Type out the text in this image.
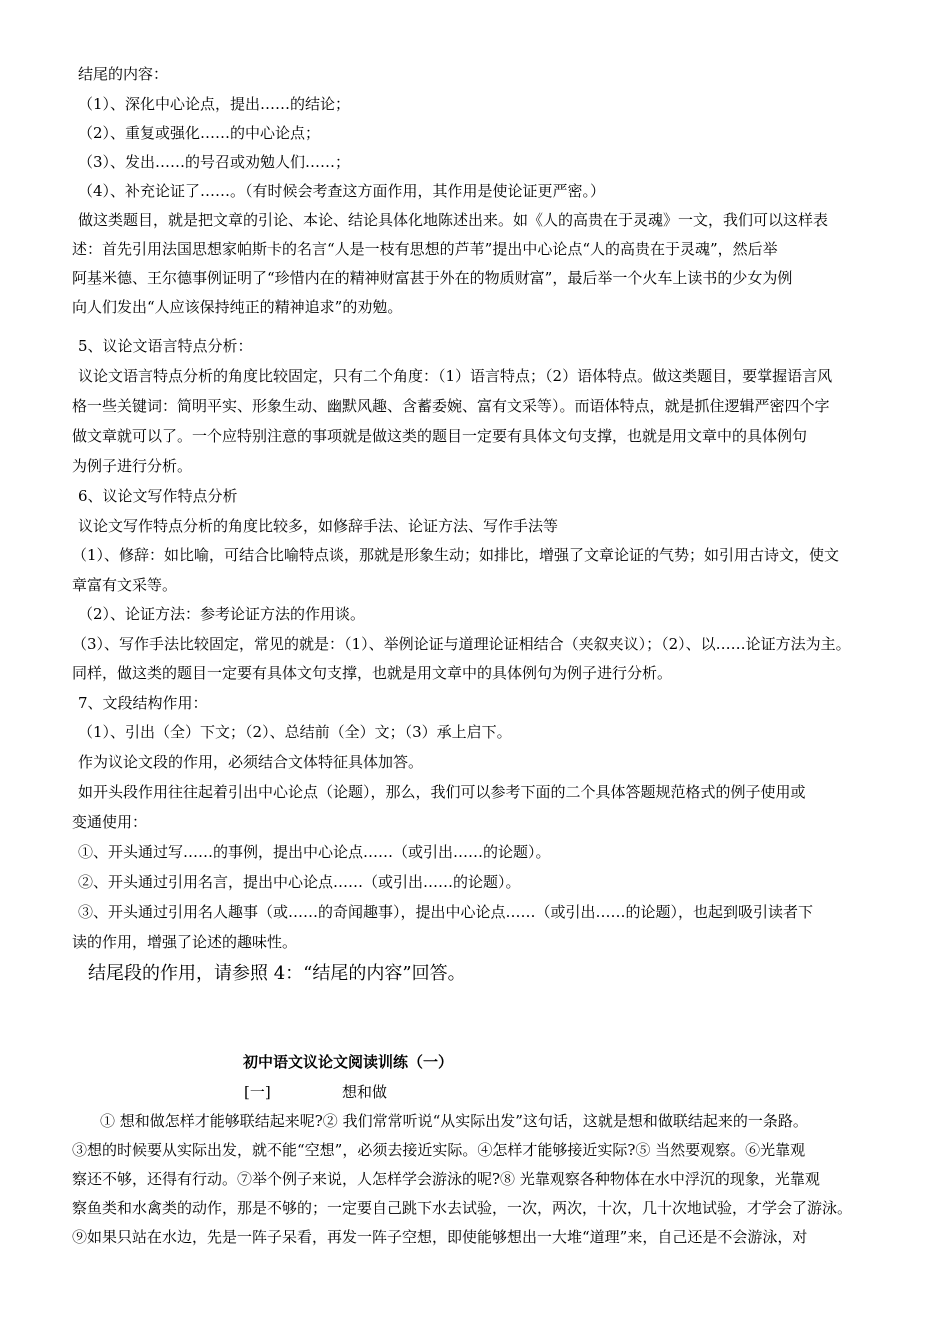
结尾的内容：
（1）、深化中心论点，提出……的结论；
（2）、重复或强化……的中心论点；
（3）、发出……的号召或劝勉人们……；
（4）、补充论证了……。（有时候会考查这方面作用，其作用是使论证更严密。）
做这类题目，就是把文章的引论、本论、结论具体化地陈述出来。如《人的高贵在于灵魂》一文，我们可以这样表
述：首先引用法国思想家帕斯卡的名言“人是一枝有思想的芦苇”提出中心论点“人的高贵在于灵魂”，然后举
阿基米德、王尔德事例证明了“珍惜内在的精神财富甚于外在的物质财富”，最后举一个火车上读书的少女为例
向人们发出“人应该保持纯正的精神追求”的劝勉。
5、议论文语言特点分析：
议论文语言特点分析的角度比较固定，只有二个角度：（1）语言特点；（2）语体特点。做这类题目，要掌握语言风
格一些关键词：简明平实、形象生动、幽默风趣、含蓄委婉、富有文采等）。而语体特点，就是抓住逻辑严密四个字
做文章就可以了。一个应特别注意的事项就是做这类的题目一定要有具体文句支撑，也就是用文章中的具体例句
为例子进行分析。
6、议论文写作特点分析
议论文写作特点分析的角度比较多，如修辞手法、论证方法、写作手法等
（1）、修辞：如比喻，可结合比喻特点谈，那就是形象生动；如排比，增强了文章论证的气势；如引用古诗文，使文
章富有文采等。
（2）、论证方法：参考论证方法的作用谈。
（3）、写作手法比较固定，常见的就是：（1）、举例论证与道理论证相结合（夹叙夹议）；（2）、以……论证方法为主。
同样，做这类的题目一定要有具体文句支撑，也就是用文章中的具体例句为例子进行分析。
7、文段结构作用：
（1）、引出（全）下文；（2）、总结前（全）文；（3）承上启下。
作为议论文段的作用，必须结合文体特征具体加答。
如开头段作用往往起着引出中心论点（论题），那么，我们可以参考下面的二个具体答题规范格式的例子使用或
变通使用：
①、开头通过写……的事例，提出中心论点……（或引出……的论题）。
②、开头通过引用名言，提出中心论点……（或引出……的论题）。
③、开头通过引用名人趣事（或……的奇闻趣事），提出中心论点……（或引出……的论题），也起到吸引读者下
读的作用，增强了论述的趣味性。
结尾段的作用，请参照 4：“结尾的内容”回答。
初中语文议论文阅读训练（一）
[一]	想和做
① 想和做怎样才能够联结起来呢?② 我们常常听说“从实际出发”这句话，这就是想和做联结起来的一条路。
③想的时候要从实际出发，就不能“空想”，必须去接近实际。④怎样才能够接近实际?⑤ 当然要观察。⑥光靠观
察还不够，还得有行动。⑦举个例子来说，人怎样学会游泳的呢?⑧ 光靠观察各种物体在水中浮沉的现象，光靠观
察鱼类和水禽类的动作，那是不够的；一定要自己跳下水去试验，一次，两次，十次，几十次地试验，才学会了游泳。
⑨如果只站在水边，先是一阵子呆看，再发一阵子空想，即使能够想出一大堆“道理”来，自己还是不会游泳，对
